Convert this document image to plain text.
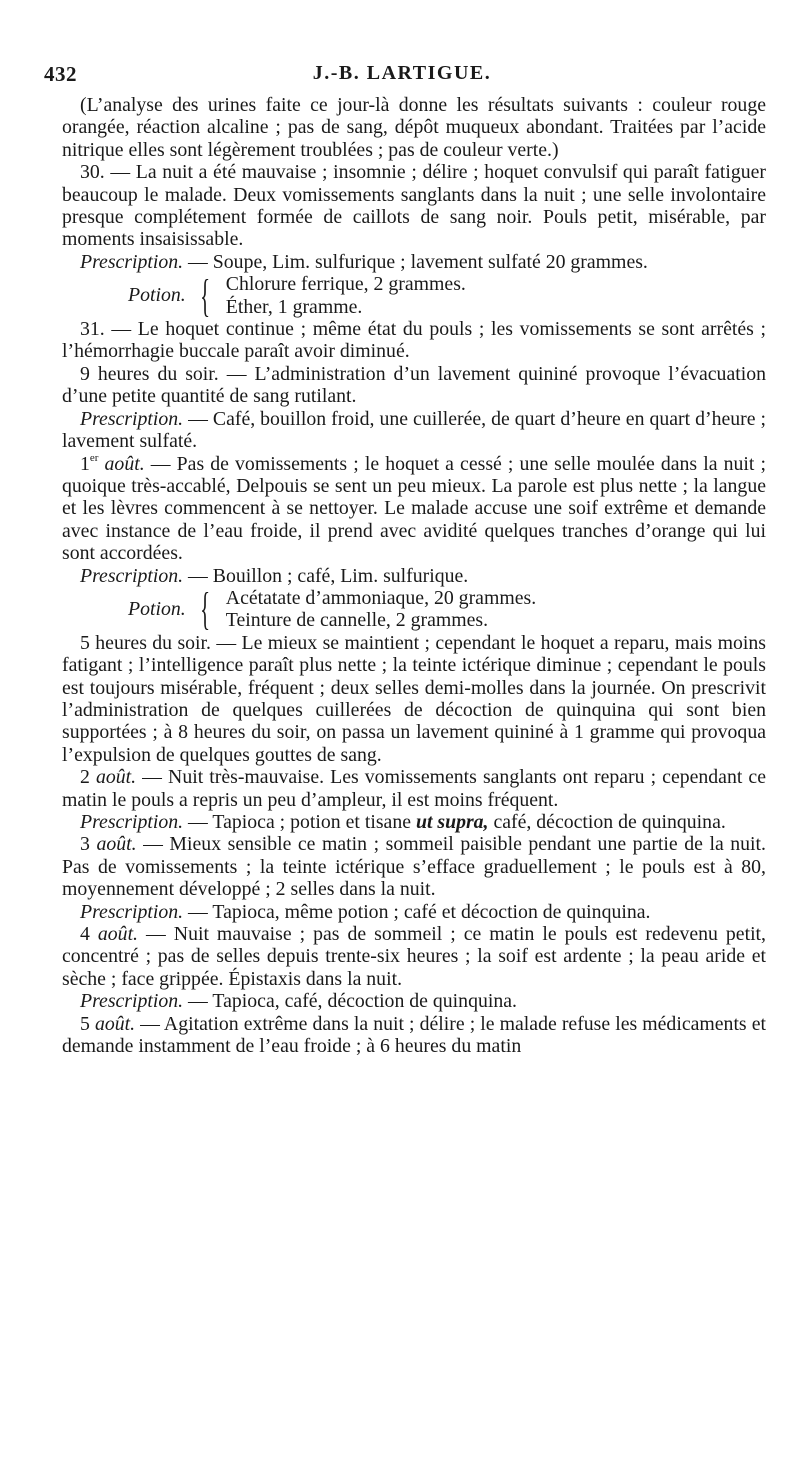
432	J.-B. LARTIGUE.

(L’analyse des urines faite ce jour-là donne les résultats suivants : couleur rouge orangée, réaction alcaline ; pas de sang, dépôt muqueux abondant. Traitées par l’acide nitrique elles sont légèrement troublées ; pas de couleur verte.)

30. — La nuit a été mauvaise ; insomnie ; délire ; hoquet convulsif qui paraît fatiguer beaucoup le malade. Deux vomissements sanglants dans la nuit ; une selle involontaire presque complétement formée de caillots de sang noir. Pouls petit, misérable, par moments insaisissable.

Prescription. — Soupe, Lim. sulfurique ; lavement sulfaté 20 grammes.

Potion. { Chlorure ferrique, 2 grammes.
Éther, 1 gramme.

31. — Le hoquet continue ; même état du pouls ; les vomissements se sont arrêtés ; l’hémorrhagie buccale paraît avoir diminué.

9 heures du soir. — L’administration d’un lavement quininé provoque l’évacuation d’une petite quantité de sang rutilant.

Prescription. — Café, bouillon froid, une cuillerée, de quart d’heure en quart d’heure ; lavement sulfaté.

1er août. — Pas de vomissements ; le hoquet a cessé ; une selle moulée dans la nuit ; quoique très-accablé, Delpouis se sent un peu mieux. La parole est plus nette ; la langue et les lèvres commencent à se nettoyer. Le malade accuse une soif extrême et demande avec instance de l’eau froide, il prend avec avidité quelques tranches d’orange qui lui sont accordées.

Prescription. — Bouillon ; café, Lim. sulfurique.

Potion. { Acétatate d’ammoniaque, 20 grammes.
Teinture de cannelle, 2 grammes.

5 heures du soir. — Le mieux se maintient ; cependant le hoquet a reparu, mais moins fatigant ; l’intelligence paraît plus nette ; la teinte ictérique diminue ; cependant le pouls est toujours misérable, fréquent ; deux selles demi-molles dans la journée. On prescrivit l’administration de quelques cuillerées de décoction de quinquina qui sont bien supportées ; à 8 heures du soir, on passa un lavement quininé à 1 gramme qui provoqua l’expulsion de quelques gouttes de sang.

2 août. — Nuit très-mauvaise. Les vomissements sanglants ont reparu ; cependant ce matin le pouls a repris un peu d’ampleur, il est moins fréquent.

Prescription. — Tapioca ; potion et tisane ut supra, café, décoction de quinquina.

3 août. — Mieux sensible ce matin ; sommeil paisible pendant une partie de la nuit. Pas de vomissements ; la teinte ictérique s’efface graduellement ; le pouls est à 80, moyennement développé ; 2 selles dans la nuit.

Prescription. — Tapioca, même potion ; café et décoction de quinquina.

4 août. — Nuit mauvaise ; pas de sommeil ; ce matin le pouls est redevenu petit, concentré ; pas de selles depuis trente-six heures ; la soif est ardente ; la peau aride et sèche ; face grippée. Épistaxis dans la nuit.

Prescription. — Tapioca, café, décoction de quinquina.

5 août. — Agitation extrême dans la nuit ; délire ; le malade refuse les médicaments et demande instamment de l’eau froide ; à 6 heures du matin
